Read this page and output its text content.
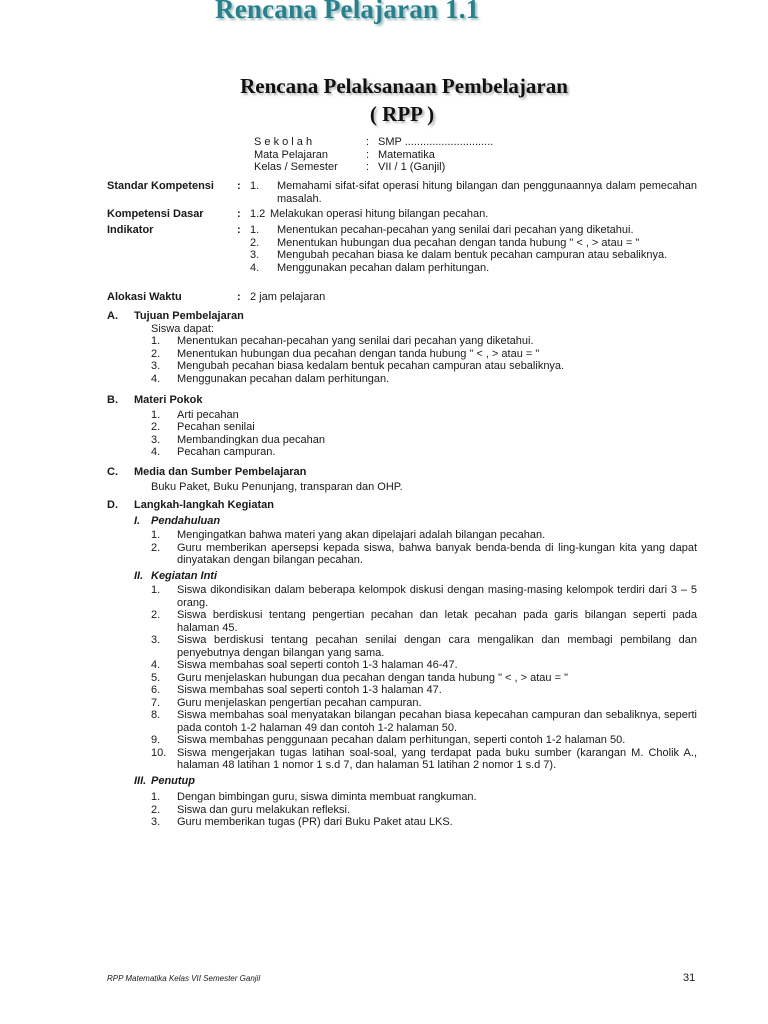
Rencana Pelajaran 1.1
Rencana Pelaksanaan Pembelajaran
( RPP )
S e k o l a h	: SMP .............................
Mata Pelajaran	: Matematika
Kelas / Semester	: VII / 1 (Ganjil)
Standar Kompetensi	: 1.	Memahami sifat-sifat operasi hitung bilangan dan penggunaannya dalam pemecahan masalah.
Kompetensi Dasar	: 1.2 Melakukan operasi hitung bilangan pecahan.
Indikator	: 1.	Menentukan pecahan-pecahan yang senilai dari pecahan yang diketahui.
2.	Menentukan hubungan dua pecahan dengan tanda hubung " < , > atau = "
3.	Mengubah pecahan biasa ke dalam bentuk pecahan campuran atau sebaliknya.
4.	Menggunakan pecahan dalam perhitungan.
Alokasi Waktu	: 2 jam pelajaran
A.	Tujuan Pembelajaran
Siswa dapat:
1.	Menentukan pecahan-pecahan yang senilai dari pecahan yang diketahui.
2.	Menentukan hubungan dua pecahan dengan tanda hubung " < , > atau = "
3.	Mengubah pecahan biasa kedalam bentuk pecahan campuran atau sebaliknya.
4.	Menggunakan pecahan dalam perhitungan.
B.	Materi Pokok
1.	Arti pecahan
2.	Pecahan senilai
3.	Membandingkan dua pecahan
4.	Pecahan campuran.
C.	Media dan Sumber Pembelajaran
Buku Paket, Buku Penunjang, transparan dan OHP.
D.	Langkah-langkah Kegiatan
I. Pendahuluan
1.	Mengingatkan bahwa materi yang akan dipelajari adalah bilangan pecahan.
2.	Guru memberikan apersepsi kepada siswa, bahwa banyak benda-benda di ling-kungan kita yang dapat dinyatakan dengan bilangan pecahan.
II. Kegiatan Inti
1.	Siswa dikondisikan dalam beberapa kelompok diskusi dengan masing-masing kelompok terdiri dari 3 – 5 orang.
2.	Siswa berdiskusi tentang pengertian pecahan dan letak pecahan pada garis bilangan seperti pada halaman 45.
3.	Siswa berdiskusi tentang pecahan senilai dengan cara mengalikan dan membagi pembilang dan penyebutnya dengan bilangan yang sama.
4.	Siswa membahas soal seperti contoh 1-3 halaman 46-47.
5.	Guru menjelaskan hubungan dua pecahan dengan tanda hubung " < , > atau = "
6.	Siswa membahas soal seperti contoh 1-3 halaman 47.
7.	Guru menjelaskan pengertian pecahan campuran.
8.	Siswa membahas soal menyatakan bilangan pecahan biasa kepecahan campuran dan sebaliknya, seperti pada contoh 1-2 halaman 49 dan contoh 1-2 halaman 50.
9.	Siswa membahas penggunaan pecahan dalam perhitungan, seperti contoh 1-2 halaman 50.
10. Siswa mengerjakan tugas latihan soal-soal, yang terdapat pada buku sumber (karangan M. Cholik A., halaman 48 latihan 1 nomor 1 s.d 7, dan halaman 51 latihan 2 nomor 1 s.d 7).
III. Penutup
1.	Dengan bimbingan guru, siswa diminta membuat rangkuman.
2.	Siswa dan guru melakukan refleksi.
3.	Guru memberikan tugas (PR) dari Buku Paket atau LKS.
RPP Matematika Kelas VII Semester Ganjil	31
